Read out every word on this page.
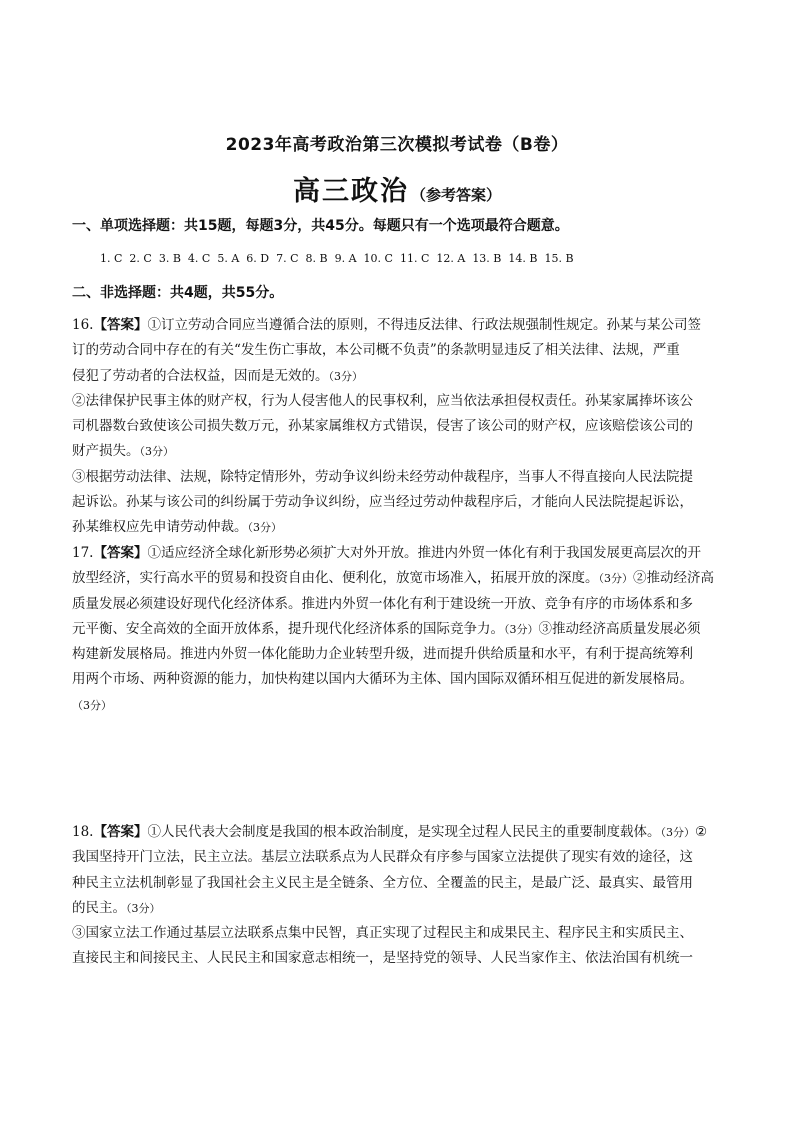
2023年高考政治第三次模拟考试卷（B卷）
高三政治 （参考答案）
一、单项选择题：共15题，每题3分，共45分。每题只有一个选项最符合题意。
1. C 2. C 3. B 4. C 5. A 6. D 7. C 8. B 9. A 10. C 11. C 12. A 13. B 14. B 15. B
二、非选择题：共4题，共55分。
16.【答案】①订立劳动合同应当遵循合法的原则，不得违反法律、行政法规强制性规定。孙某与某公司签
订的劳动合同中存在的有关“发生伤亡事故，本公司概不负责”的条款明显违反了相关法律、法规，严重
侵犯了劳动者的合法权益，因而是无效的。（3分）
②法律保护民事主体的财产权，行为人侵害他人的民事权利，应当依法承担侵权责任。孙某家属捧坏该公
司机器数台致使该公司损失数万元，孙某家属维权方式错误，侵害了该公司的财产权，应该赔偿该公司的
财产损失。（3分）
③根据劳动法律、法规，除特定情形外，劳动争议纠纷未经劳动仲裁程序，当事人不得直接向人民法院提
起诉讼。孙某与该公司的纠纷属于劳动争议纠纷，应当经过劳动仲裁程序后，才能向人民法院提起诉讼，
孙某维权应先申请劳动仲裁。（3分）
17.【答案】①适应经济全球化新形势必须扩大对外开放。推进内外贸一体化有利于我国发展更高层次的开
放型经济，实行高水平的贸易和投资自由化、便利化，放宽市场准入，拓展开放的深度。（3分）②推动经济高
质量发展必须建设好现代化经济体系。推进内外贸一体化有利于建设统一开放、竞争有序的市场体系和多
元平衡、安全高效的全面开放体系，提升现代化经济体系的国际竞争力。（3分）③推动经济高质量发展必须
构建新发展格局。推进内外贸一体化能助力企业转型升级，进而提升供给质量和水平，有利于提高统筹利
用两个市场、两种资源的能力，加快构建以国内大循环为主体、国内国际双循环相互促进的新发展格局。
（3分）
18.【答案】①人民代表大会制度是我国的根本政治制度，是实现全过程人民民主的重要制度载体。（3分）②
我国坚持开门立法，民主立法。基层立法联系点为人民群众有序参与国家立法提供了现实有效的途径，这
种民主立法机制彰显了我国社会主义民主是全链条、全方位、全覆盖的民主，是最广泛、最真实、最管用
的民主。（3分）
③国家立法工作通过基层立法联系点集中民智，真正实现了过程民主和成果民主、程序民主和实质民主、
直接民主和间接民主、人民民主和国家意志相统一，是坚持党的领导、人民当家作主、依法治国有机统一
